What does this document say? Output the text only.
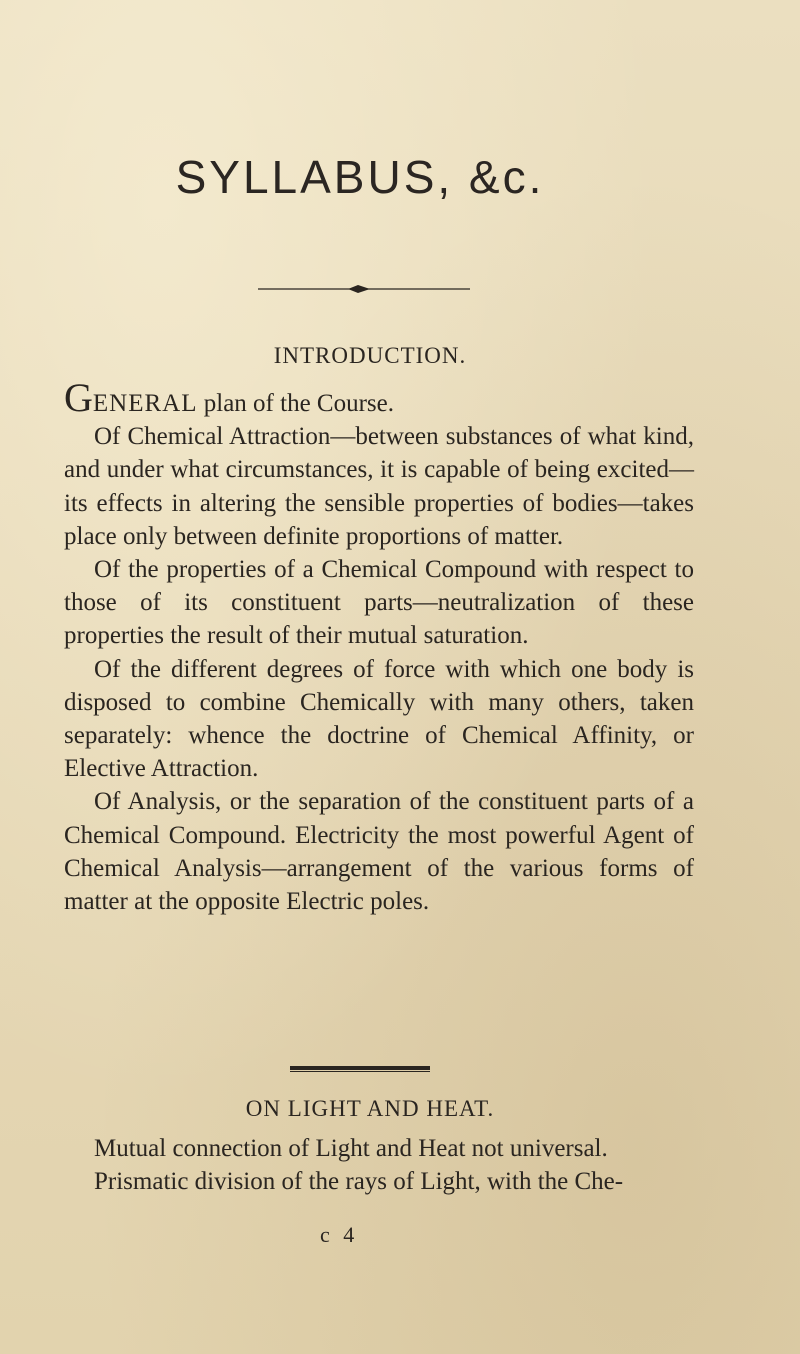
SYLLABUS, &c.
INTRODUCTION.

GENERAL plan of the Course.

Of Chemical Attraction—between substances of what kind, and under what circumstances, it is capable of being excited—its effects in altering the sensible properties of bodies—takes place only between definite proportions of matter.

Of the properties of a Chemical Compound with respect to those of its constituent parts—neutralization of these properties the result of their mutual saturation.

Of the different degrees of force with which one body is disposed to combine Chemically with many others, taken separately: whence the doctrine of Chemical Affinity, or Elective Attraction.

Of Analysis, or the separation of the constituent parts of a Chemical Compound. Electricity the most powerful Agent of Chemical Analysis—arrangement of the various forms of matter at the opposite Electric poles.

ON LIGHT AND HEAT.

Mutual connection of Light and Heat not universal.

Prismatic division of the rays of Light, with the Che-

c 4
